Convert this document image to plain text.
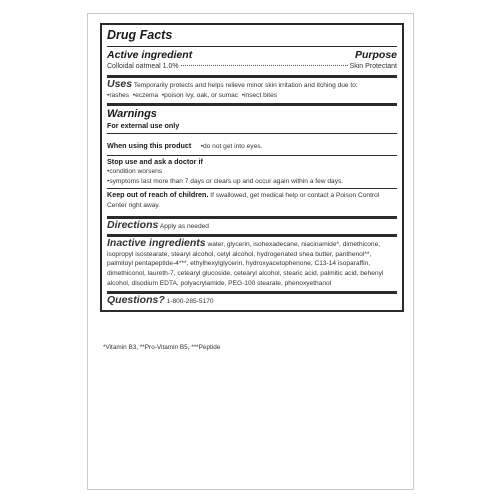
Drug Facts
Active ingredient	Purpose
Colloidal oatmeal 1.0%	Skin Protectant
Uses Temporarily protects and helps relieve minor skin irritation and itching due to:
• rashes • eczema • poison ivy, oak, or sumac • insect bites
Warnings
For external use only
When using this product • do not get into eyes.
Stop use and ask a doctor if
• condition worsens
• symptoms last more than 7 days or clears up and occur again within a few days.
Keep out of reach of children. If swallowed, get medical help or contact a Poison Control Center right away.
Directions Apply as needed
Inactive ingredients water, glycerin, isohexadecane, niacinamide*, dimethicone, isopropyl isostearate, stearyl alcohol, cetyl alcohol, hydrogenated shea butter, panthenol**, palmitoyl pentapeptide-4***, ethylhexylglycerin, hydroxyacetophenone, C13-14 isoparaffin, dimethiconol, laureth-7, cetearyl glucoside, cetearyl alcohol, stearic acid, palmitic acid, behenyl alcohol, disodium EDTA, polyacrylamide, PEG-100 stearate, phenoxyethanol
Questions? 1-800-285-5170
*Vitamin B3, **Pro-Vitamin B5, ***Peptide
